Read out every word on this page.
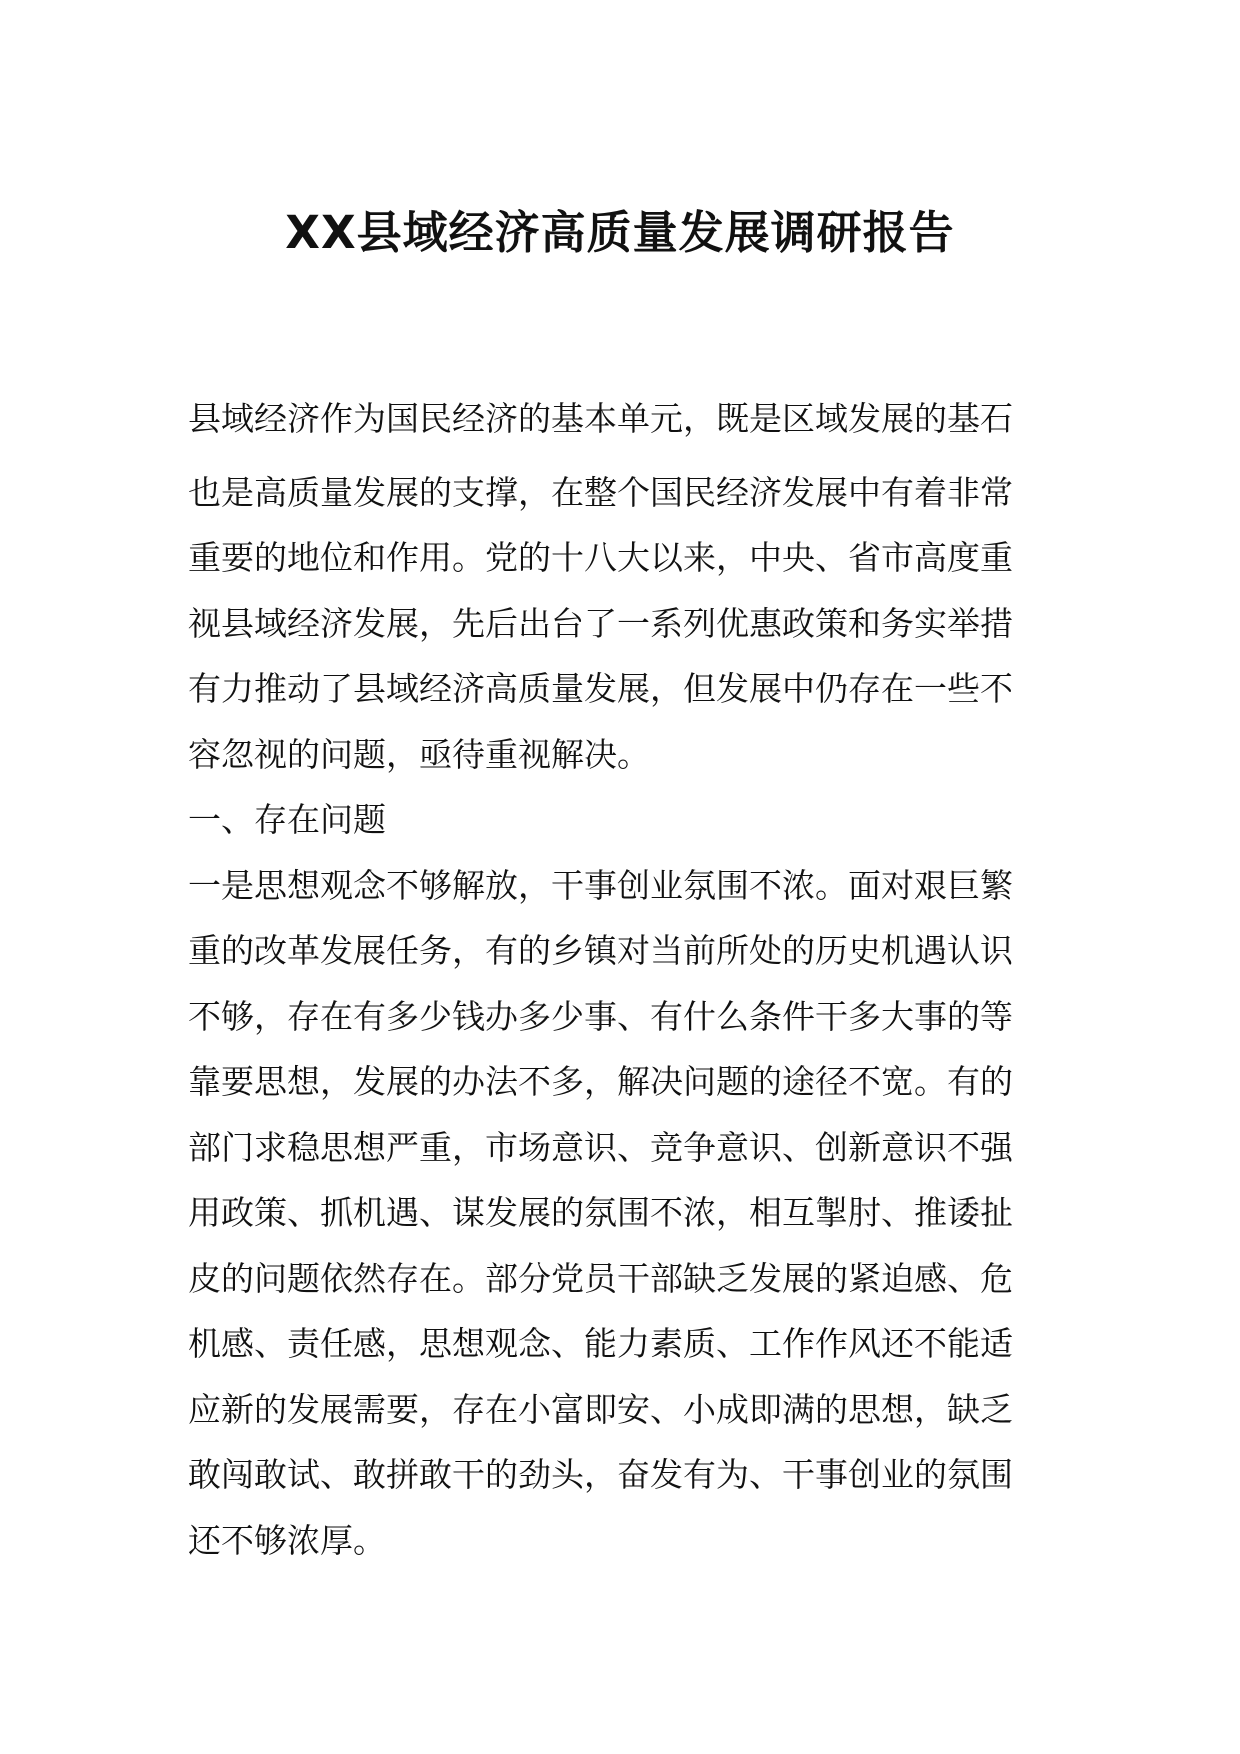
XX县域经济高质量发展调研报告
县域经济作为国民经济的基本单元，既是区域发展的基石
也是高质量发展的支撑，在整个国民经济发展中有着非常
重要的地位和作用。党的十八大以来，中央、省市高度重
视县域经济发展，先后出台了一系列优惠政策和务实举措
有力推动了县域经济高质量发展，但发展中仍存在一些不
容忽视的问题，亟待重视解决。
一、存在问题
一是思想观念不够解放，干事创业氛围不浓。面对艰巨繁
重的改革发展任务，有的乡镇对当前所处的历史机遇认识
不够，存在有多少钱办多少事、有什么条件干多大事的等
靠要思想，发展的办法不多，解决问题的途径不宽。有的
部门求稳思想严重，市场意识、竞争意识、创新意识不强
用政策、抓机遇、谋发展的氛围不浓，相互掣肘、推诿扯
皮的问题依然存在。部分党员干部缺乏发展的紧迫感、危
机感、责任感，思想观念、能力素质、工作作风还不能适
应新的发展需要，存在小富即安、小成即满的思想，缺乏
敢闯敢试、敢拼敢干的劲头，奋发有为、干事创业的氛围
还不够浓厚。
